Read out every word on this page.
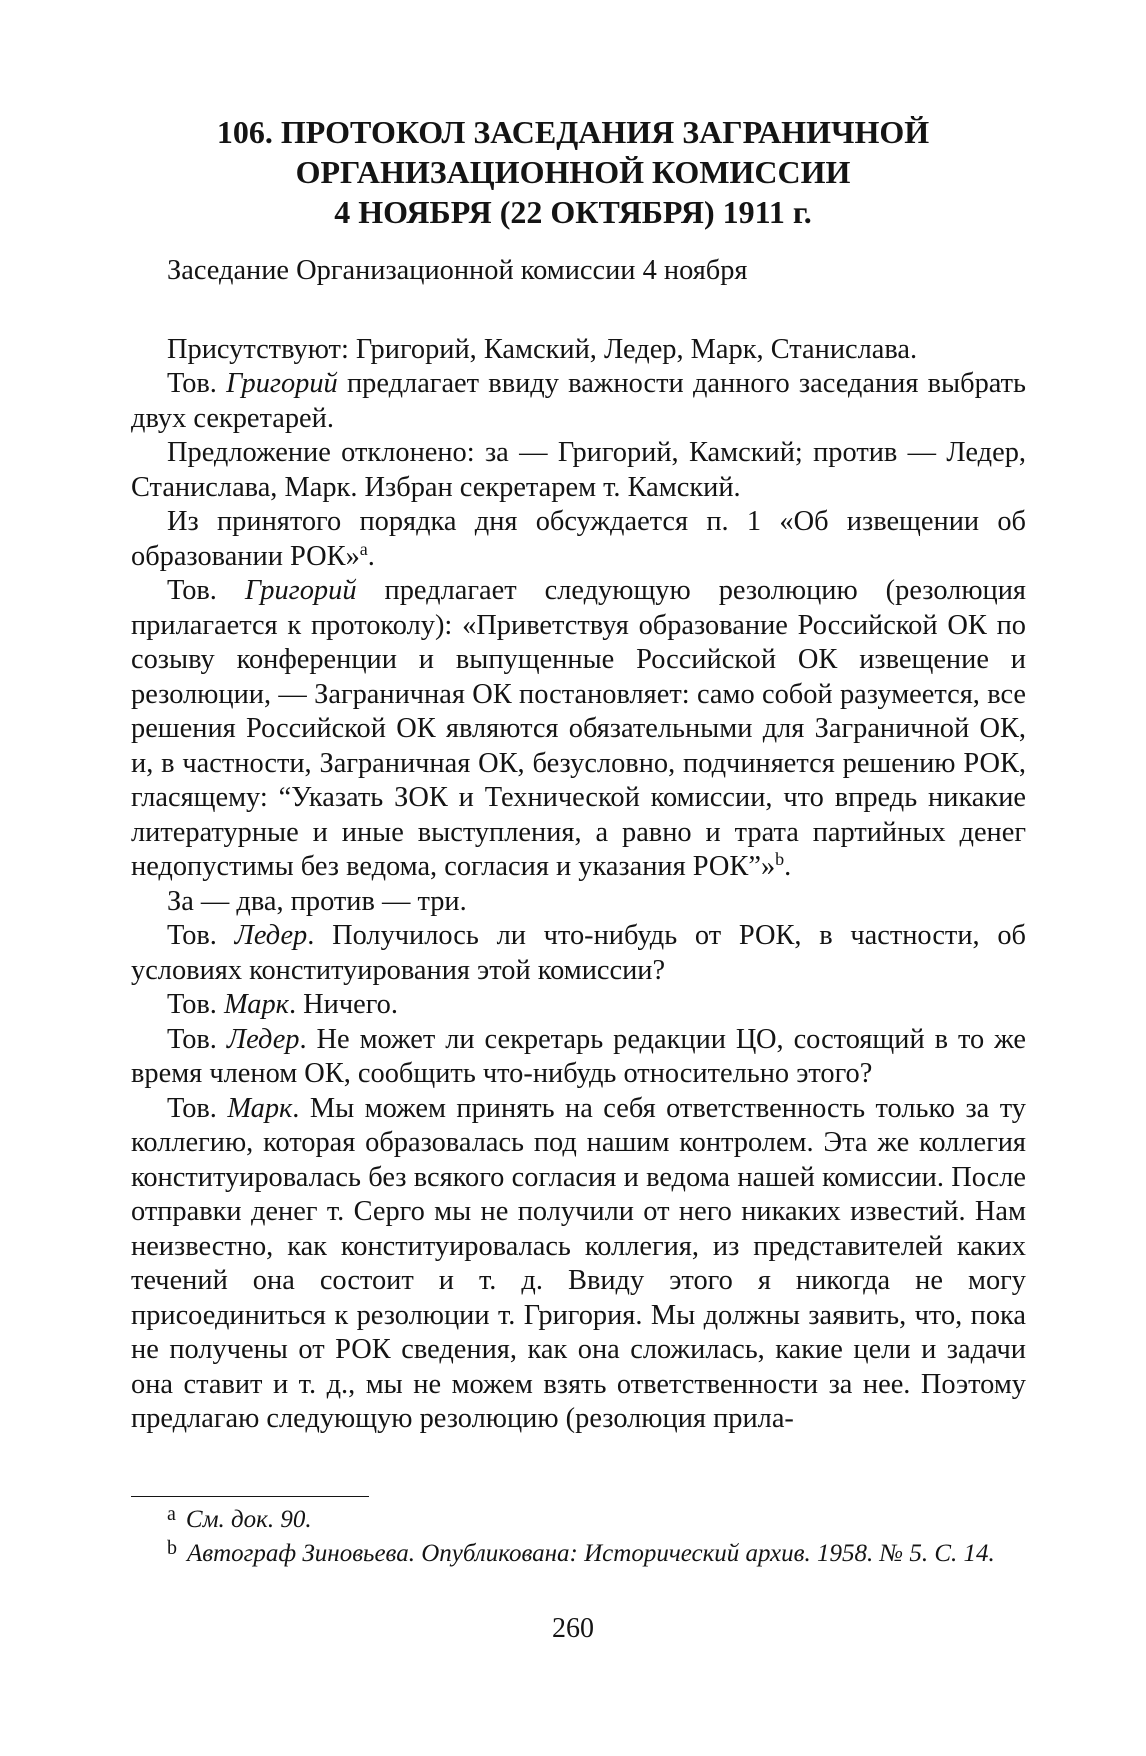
106. ПРОТОКОЛ ЗАСЕДАНИЯ ЗАГРАНИЧНОЙ
ОРГАНИЗАЦИОННОЙ КОМИССИИ
4 НОЯБРЯ (22 ОКТЯБРЯ) 1911 г.

Заседание Организационной комиссии 4 ноября

Присутствуют: Григорий, Камский, Ледер, Марк, Станислава.

Тов. Григорий предлагает ввиду важности данного заседания выбрать двух секретарей.

Предложение отклонено: за — Григорий, Камский; против — Ледер, Станислава, Марк. Избран секретарем т. Камский.

Из принятого порядка дня обсуждается п. 1 «Об извещении об образовании РОК»$^a$.

Тов. Григорий предлагает следующую резолюцию (резолюция прилагается к протоколу): «Приветствуя образование Российской ОК по созыву конференции и выпущенные Российской ОК извещение и резолюции, — Заграничная ОК постановляет: само собой разумеется, все решения Российской ОК являются обязательными для Заграничной ОК, и, в частности, Заграничная ОК, безусловно, подчиняется решению РОК, гласящему: “Указать ЗОК и Технической комиссии, что впредь никакие литературные и иные выступления, а равно и трата партийных денег недопустимы без ведома, согласия и указания РОК”»$^b$.

За — два, против — три.

Тов. Ледер. Получилось ли что-нибудь от РОК, в частности, об условиях конституирования этой комиссии?

Тов. Марк. Ничего.

Тов. Ледер. Не может ли секретарь редакции ЦО, состоящий в то же время членом ОК, сообщить что-нибудь относительно этого?

Тов. Марк. Мы можем принять на себя ответственность только за ту коллегию, которая образовалась под нашим контролем. Эта же коллегия конституировалась без всякого согласия и ведома нашей комиссии. После отправки денег т. Серго мы не получили от него никаких известий. Нам неизвестно, как конституировалась коллегия, из представителей каких течений она состоит и т. д. Ввиду этого я никогда не могу присоединиться к резолюции т. Григория. Мы должны заявить, что, пока не получены от РОК сведения, как она сложилась, какие цели и задачи она ставит и т. д., мы не можем взять ответственности за нее. Поэтому предлагаю следующую резолюцию (резолюция прила-

$^a$ См. док. 90.

$^b$ Автограф Зиновьева. Опубликована: Исторический архив. 1958. № 5. С. 14.

260
